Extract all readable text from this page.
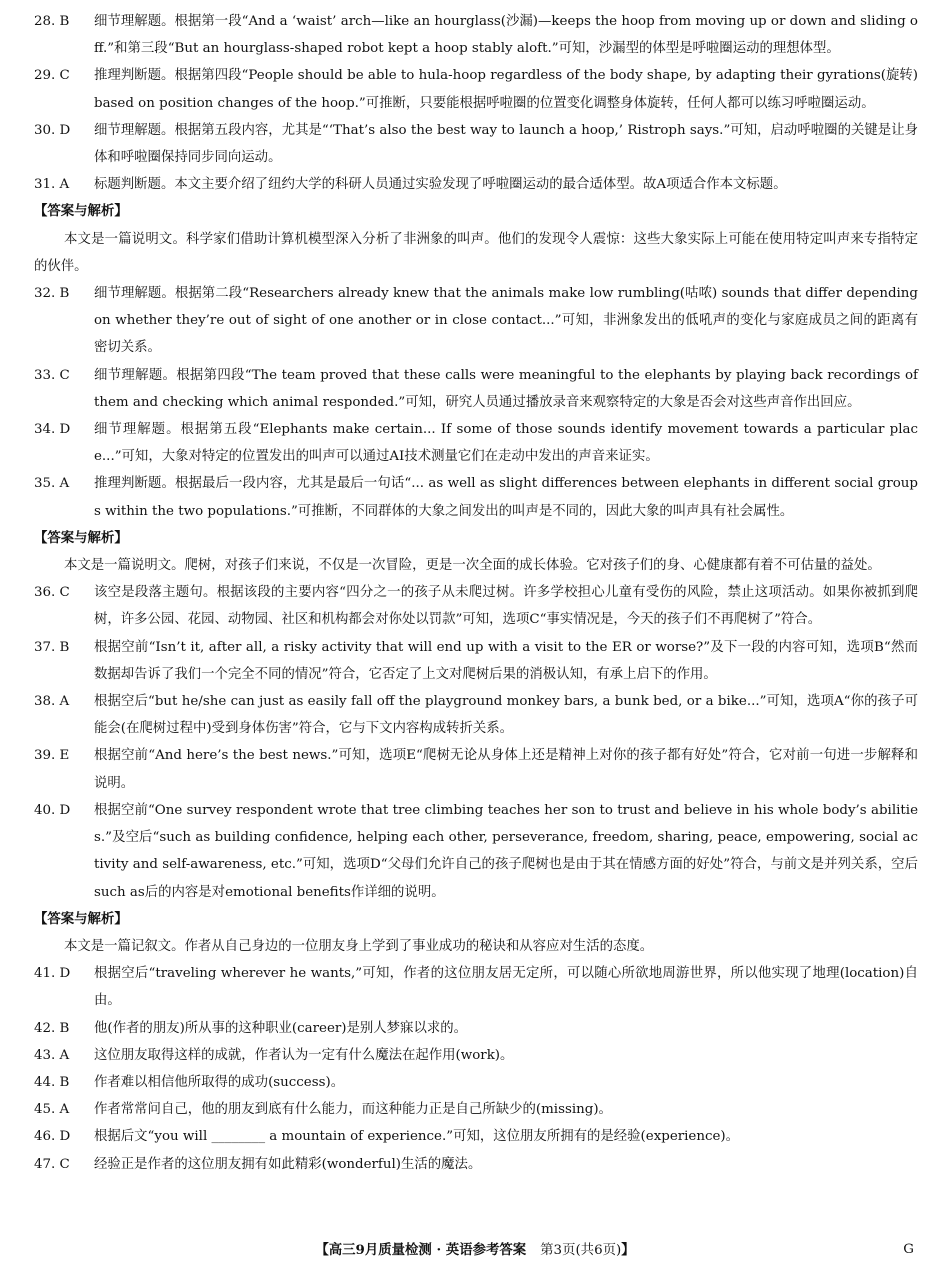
28. B	细节理解题。根据第一段“And a ‘waist’ arch—like an hourglass(沙漏)—keeps the hoop from moving up or down and sliding off.”和第三段“But an hourglass-shaped robot kept a hoop stably aloft.”可知，沙漏型的体型是呼啦圈运动的理想体型。
29. C	推理判断题。根据第四段“People should be able to hula-hoop regardless of the body shape, by adapting their gyrations(旋转) based on position changes of the hoop.”可推断，只要能根据呼啦圈的位置变化调整身体旋转，任何人都可以练习呼啦圈运动。
30. D	细节理解题。根据第五段内容，尤其是“‘That’s also the best way to launch a hoop,’ Ristroph says.”可知，启动呼啦圈的关键是让身体和呼啦圈保持同步同向运动。
31. A	标题判断题。本文主要介绍了纽约大学的科研人员通过实验发现了呼啦圈运动的最合适体型。故A项适合作本文标题。
【答案与解析】
本文是一篇说明文。科学家们借助计算机模型深入分析了非洲象的叫声。他们的发现令人震惊：这些大象实际上可能在使用特定叫声来专指特定的伙伴。
32. B	细节理解题。根据第二段“Researchers already knew that the animals make low rumbling(咕哝) sounds that differ depending on whether they’re out of sight of one another or in close contact...”可知，非洲象发出的低吼声的变化与家庭成员之间的距离有密切关系。
33. C	细节理解题。根据第四段“The team proved that these calls were meaningful to the elephants by playing back recordings of them and checking which animal responded.”可知，研究人员通过播放录音来观察特定的大象是否会对这些声音作出回应。
34. D	细节理解题。根据第五段“Elephants make certain... If some of those sounds identify movement towards a particular place...”可知，大象对特定的位置发出的叫声可以通过AI技术测量它们在走动中发出的声音来证实。
35. A	推理判断题。根据最后一段内容，尤其是最后一句话“... as well as slight differences between elephants in different social groups within the two populations.”可推断，不同群体的大象之间发出的叫声是不同的，因此大象的叫声具有社会属性。
【答案与解析】
本文是一篇说明文。爬树，对孩子们来说，不仅是一次冒险，更是一次全面的成长体验。它对孩子们的身、心健康都有着不可估量的益处。
36. C	该空是段落主题句。根据该段的主要内容“四分之一的孩子从未爬过树。许多学校担心儿童有受伤的风险，禁止这项活动。如果你被抓到爬树，许多公园、花园、动物园、社区和机构都会对你处以罚款”可知，选项C“事实情况是，今天的孩子们不再爬树了”符合。
37. B	根据空前“Isn’t it, after all, a risky activity that will end up with a visit to the ER or worse?”及下一段的内容可知，选项B“然而数据却告诉了我们一个完全不同的情况”符合，它否定了上文对爬树后果的消极认知，有承上启下的作用。
38. A	根据空后“but he/she can just as easily fall off the playground monkey bars, a bunk bed, or a bike...”可知，选项A“你的孩子可能会(在爬树过程中)受到身体伤害”符合，它与下文内容构成转折关系。
39. E	根据空前“And here’s the best news.”可知，选项E“爬树无论从身体上还是精神上对你的孩子都有好处”符合，它对前一句进一步解释和说明。
40. D	根据空前“One survey respondent wrote that tree climbing teaches her son to trust and believe in his whole body’s abilities.”及空后“such as building confidence, helping each other, perseverance, freedom, sharing, peace, empowering, social activity and self-awareness, etc.”可知，选项D“父母们允许自己的孩子爬树也是由于其在情感方面的好处”符合，与前文是并列关系，空后such as后的内容是对emotional benefits作详细的说明。
【答案与解析】
本文是一篇记叙文。作者从自己身边的一位朋友身上学到了事业成功的秘诀和从容应对生活的态度。
41. D	根据空后“traveling wherever he wants,”可知，作者的这位朋友居无定所，可以随心所欲地周游世界，所以他实现了地理(location)自由。
42. B	他(作者的朋友)所从事的这种职业(career)是别人梦寐以求的。
43. A	这位朋友取得这样的成就，作者认为一定有什么魔法在起作用(work)。
44. B	作者难以相信他所取得的成功(success)。
45. A	作者常常问自己，他的朋友到底有什么能力，而这种能力正是自己所缺少的(missing)。
46. D	根据后文“you will ________ a mountain of experience.”可知，这位朋友所拥有的是经验(experience)。
47. C	经验正是作者的这位朋友拥有如此精彩(wonderful)生活的魔法。
【高三9月质量检测 · 英语参考答案 第3页(共6页)】	G
